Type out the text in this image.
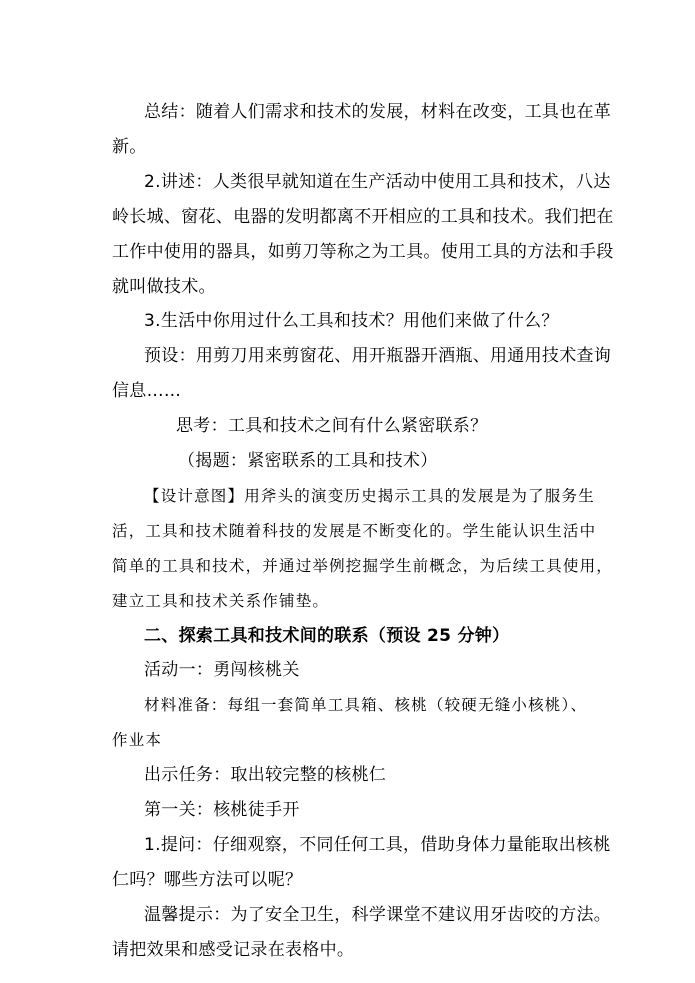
总结：随着人们需求和技术的发展，材料在改变，工具也在革
新。
2.讲述：人类很早就知道在生产活动中使用工具和技术，八达
岭长城、窗花、电器的发明都离不开相应的工具和技术。我们把在
工作中使用的器具，如剪刀等称之为工具。使用工具的方法和手段
就叫做技术。
3.生活中你用过什么工具和技术？用他们来做了什么？
预设：用剪刀用来剪窗花、用开瓶器开酒瓶、用通用技术查询
信息……
思考：工具和技术之间有什么紧密联系？
（揭题：紧密联系的工具和技术）
【设计意图】用斧头的演变历史揭示工具的发展是为了服务生
活，工具和技术随着科技的发展是不断变化的。学生能认识生活中
简单的工具和技术，并通过举例挖掘学生前概念，为后续工具使用，
建立工具和技术关系作铺垫。
二、探索工具和技术间的联系（预设 25 分钟）
活动一：勇闯核桃关
材料准备：每组一套简单工具箱、核桃（较硬无缝小核桃）、
作业本
出示任务：取出较完整的核桃仁
第一关：核桃徒手开
1.提问：仔细观察，不同任何工具，借助身体力量能取出核桃
仁吗？哪些方法可以呢？
温馨提示：为了安全卫生，科学课堂不建议用牙齿咬的方法。
请把效果和感受记录在表格中。
